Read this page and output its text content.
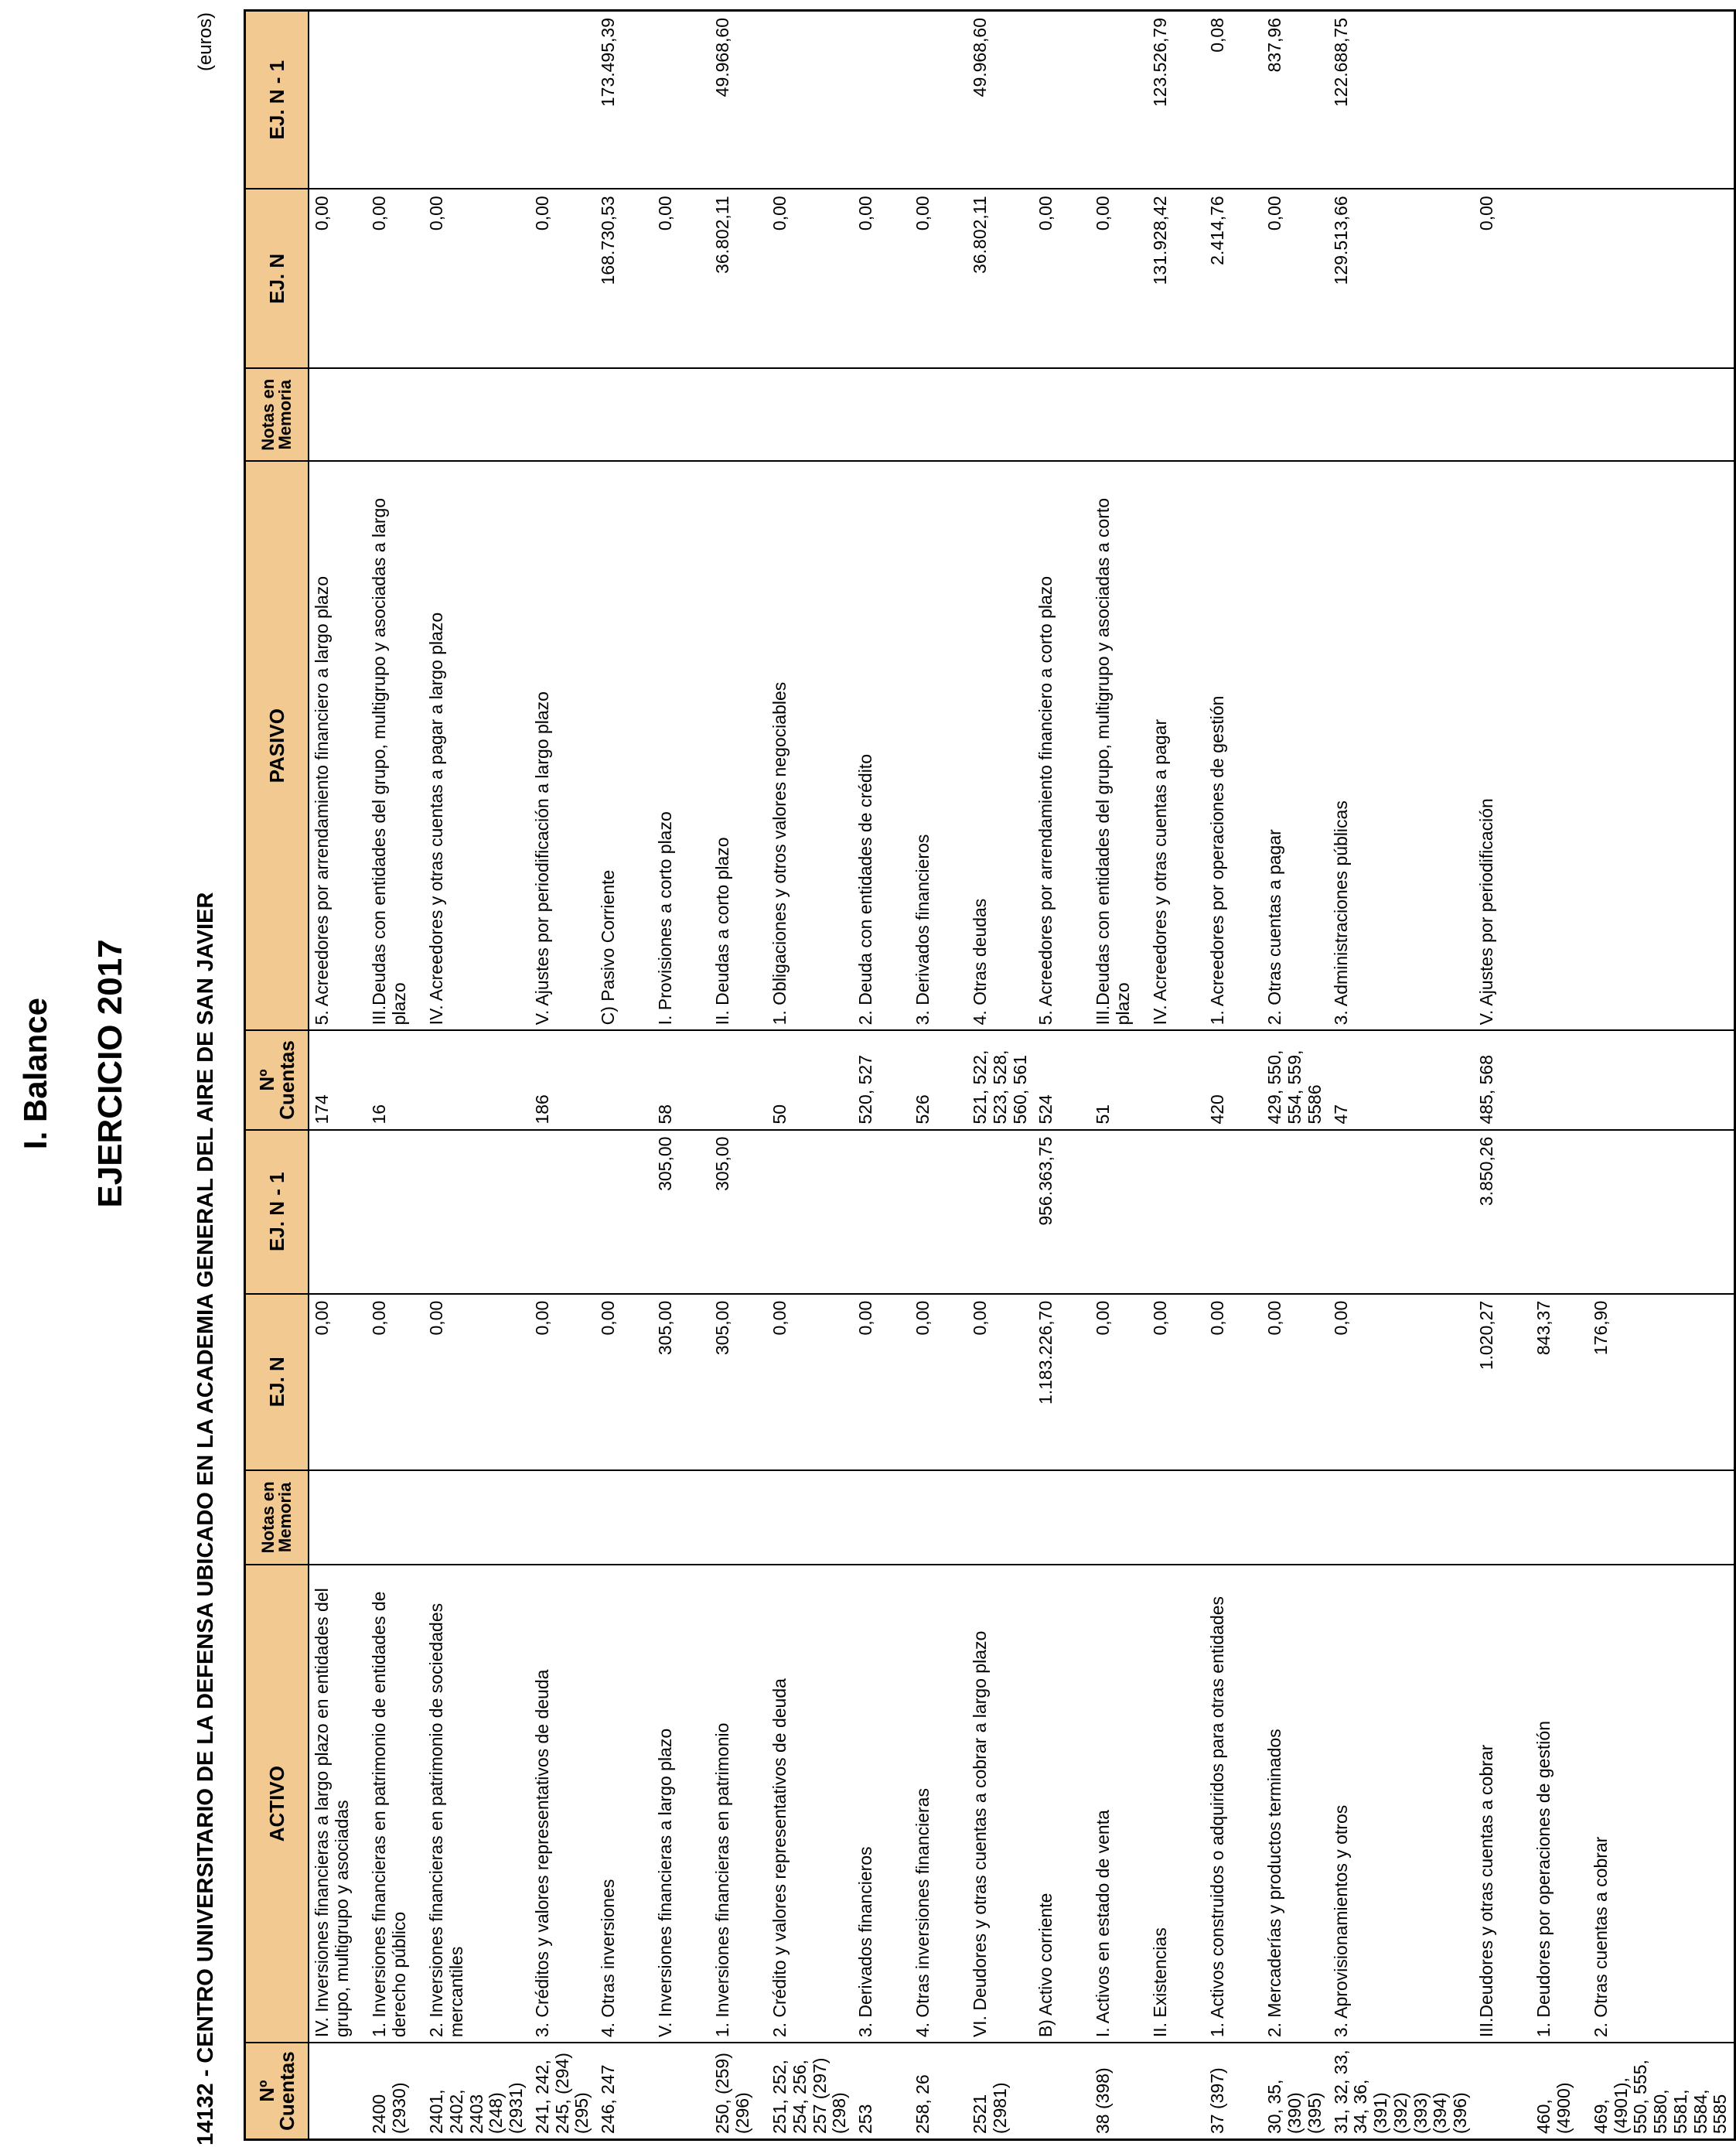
I. Balance EJERCICIO 2017	14132 - CENTRO UNIVERSITARIO DE LA DEFENSA UBICADO EN LA ACADEMIA GENERAL DEL AIRE DE SAN JAVIER
(euros)
Nº Cuentas	ACTIVO	Notas en Memoria	EJ. N	EJ. N - 1	Nº Cuentas	PASIVO	Notas en Memoria	EJ. N	EJ. N - 1
	IV. Inversiones financieras a largo plazo en entidades del grupo, multigrupo y asociadas		0,00		174	5. Acreedores por arrendamiento financiero a largo plazo		0,00	
2400 (2930)	1. Inversiones financieras en patrimonio de entidades de derecho público		0,00		16	III.Deudas con entidades del grupo, multigrupo y asociadas a largo plazo		0,00	
2401, 2402, 2403 (248) (2931)	2. Inversiones financieras en patrimonio de sociedades mercantiles		0,00			IV. Acreedores y otras cuentas a pagar a largo plazo		0,00	
241, 242, 245, (294) (295)	3. Créditos y valores representativos de deuda		0,00		186	V. Ajustes por periodificación a largo plazo		0,00	
246, 247	4. Otras inversiones		0,00			C) Pasivo Corriente		168.730,53	173.495,39
	V. Inversiones financieras a largo plazo		305,00	305,00	58	I. Provisiones a corto plazo		0,00	
250, (259) (296)	1. Inversiones financieras en patrimonio		305,00	305,00		II. Deudas a corto plazo		36.802,11	49.968,60
251, 252, 254, 256, 257 (297) (298)	2. Crédito y valores representativos de deuda		0,00		50	1. Obligaciones y otros valores negociables		0,00	
253	3. Derivados financieros		0,00		520, 527	2. Deuda con entidades de crédito		0,00	
258, 26	4. Otras inversiones financieras		0,00		526	3. Derivados financieros		0,00	
2521 (2981)	VI. Deudores y otras cuentas a cobrar a largo plazo		0,00		521, 522, 523, 528, 560, 561	4. Otras deudas		36.802,11	49.968,60
	B) Activo corriente		1.183.226,70	956.363,75	524	5. Acreedores por arrendamiento financiero a corto plazo		0,00	
38 (398)	I. Activos en estado de venta		0,00		51	III.Deudas con entidades del grupo, multigrupo y asociadas a corto plazo		0,00	
	II. Existencias		0,00			IV. Acreedores y otras cuentas a pagar		131.928,42	123.526,79
37 (397)	1. Activos construidos o adquiridos para otras entidades		0,00		420	1. Acreedores por operaciones de gestión		2.414,76	0,08
30, 35, (390) (395)	2. Mercaderías y productos terminados		0,00		429, 550, 554, 559, 5586	2. Otras cuentas a pagar		0,00	837,96
31, 32, 33, 34, 36, (391) (392) (393) (394) (396)	3. Aprovisionamientos y otros		0,00		47	3. Administraciones públicas		129.513,66	122.688,75
	III.Deudores y otras cuentas a cobrar		1.020,27	3.850,26	485, 568	V. Ajustes por periodificación		0,00	
460, (4900)	1. Deudores por operaciones de gestión		843,37						
469, (4901), 550, 555, 5580, 5581, 5584, 5585	2. Otras cuentas a cobrar		176,90						
